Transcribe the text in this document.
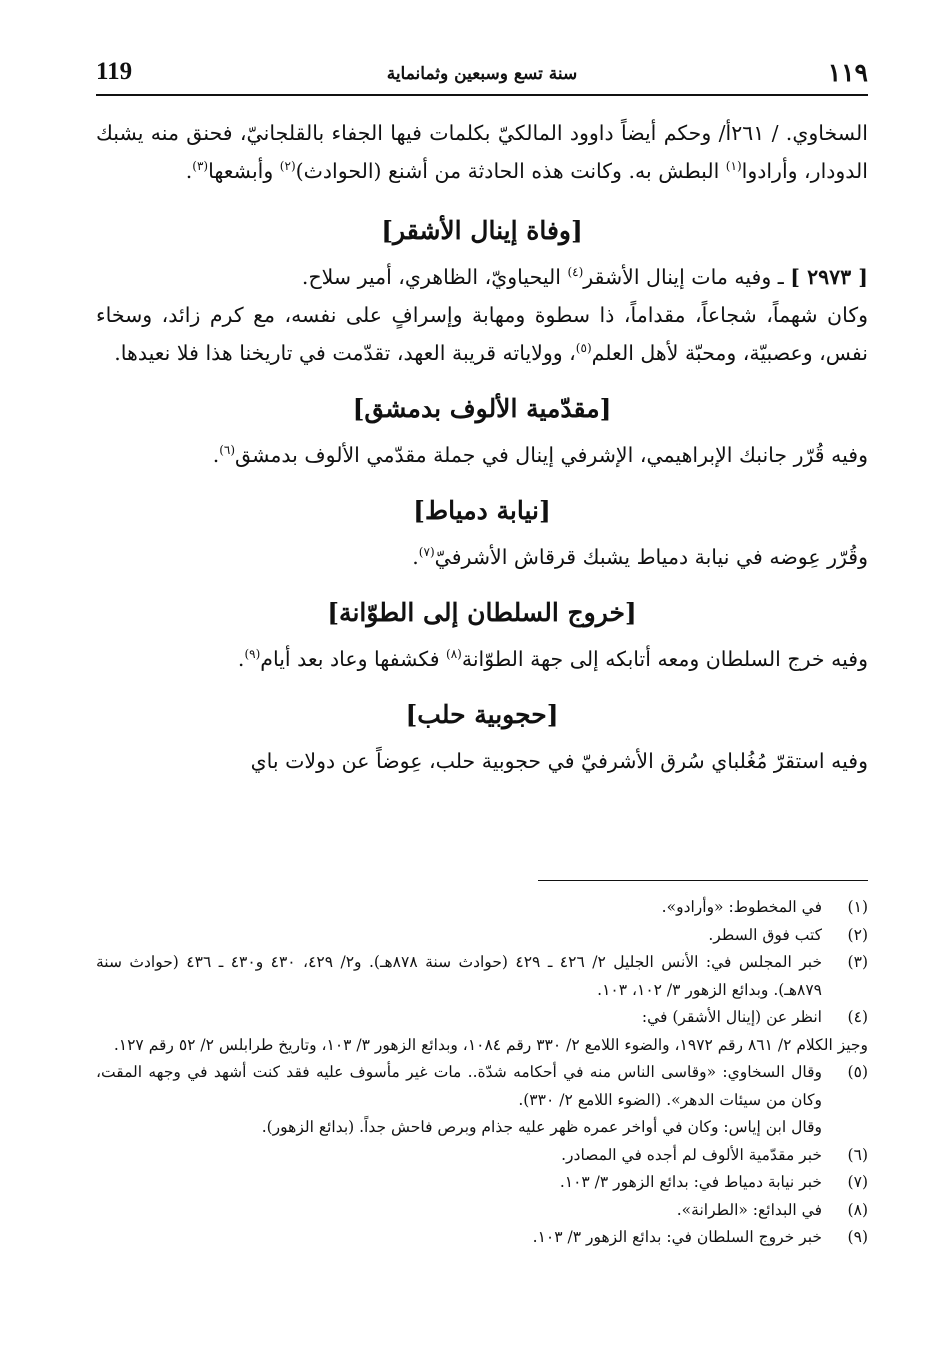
119	سنة تسع وسبعين وثمانماية	١١٩

السخاوي. / ٢٦١أ/ وحكم أيضاً داوود المالكيّ بكلمات فيها الجفاء بالقلجانيّ، فحنق منه يشبك الدودار، وأرادوا$^{(١)}$ البطش به. وكانت هذه الحادثة من أشنع (الحوادث)$^{(٢)}$ وأبشعها$^{(٣)}$.

[وفاة إينال الأشقر]

[ ٢٩٧٣ ] ـ وفيه مات إينال الأشقر$^{(٤)}$ اليحياويّ، الظاهري، أمير سلاح.

وكان شهماً، شجاعاً، مقداماً، ذا سطوة ومهابة وإسرافٍ على نفسه، مع كرم زائد، وسخاء نفس، وعصبيّة، ومحبّة لأهل العلم$^{(٥)}$، وولاياته قريبة العهد، تقدّمت في تاريخنا هذا فلا نعيدها.

[مقدّمية الألوف بدمشق]

وفيه قُرّر جانبك الإبراهيمي، الإشرفي إينال في جملة مقدّمي الألوف بدمشق$^{(٦)}$.

[نيابة دمياط]

وقُرّر عِوضه في نيابة دمياط يشبك قرقاش الأشرفيّ$^{(٧)}$.

[خروج السلطان إلى الطوّانة]

وفيه خرج السلطان ومعه أتابكه إلى جهة الطوّانة$^{(٨)}$ فكشفها وعاد بعد أيام$^{(٩)}$.

[حجوبية حلب]

وفيه استقرّ مُغُلباي سُرق الأشرفيّ في حجوبية حلب، عِوضاً عن دولات باي

(١)
في المخطوط: «وأرادو».
(٢)
كتب فوق السطر.
(٣)
خبر المجلس في: الأنس الجليل ٢/ ٤٢٦ ـ ٤٢٩ (حوادث سنة ٨٧٨هـ). و٢/ ٤٢٩، ٤٣٠ و٤٣٠ ـ ٤٣٦ (حوادث سنة ٨٧٩هـ). وبدائع الزهور ٣/ ١٠٢، ١٠٣.
(٤)
انظر عن (إينال الأشقر) في:
وجيز الكلام ٢/ ٨٦١ رقم ١٩٧٢، والضوء اللامع ٢/ ٣٣٠ رقم ١٠٨٤، وبدائع الزهور ٣/ ١٠٣، وتاريخ طرابلس ٢/ ٥٢ رقم ١٢٧.
(٥)
وقال السخاوي: «وقاسى الناس منه في أحكامه شدّة.. مات غير مأسوف عليه فقد كنت أشهد في وجهه المقت، وكان من سيئات الدهر». (الضوء اللامع ٢/ ٣٣٠).
وقال ابن إياس: وكان في أواخر عمره ظهر عليه جذام وبرص فاحش جداً. (بدائع الزهور).
(٦)
خبر مقدّمية الألوف لم أجده في المصادر.
(٧)
خبر نيابة دمياط في: بدائع الزهور ٣/ ١٠٣.
(٨)
في البدائع: «الطرانة».
(٩)
خبر خروج السلطان في: بدائع الزهور ٣/ ١٠٣.
